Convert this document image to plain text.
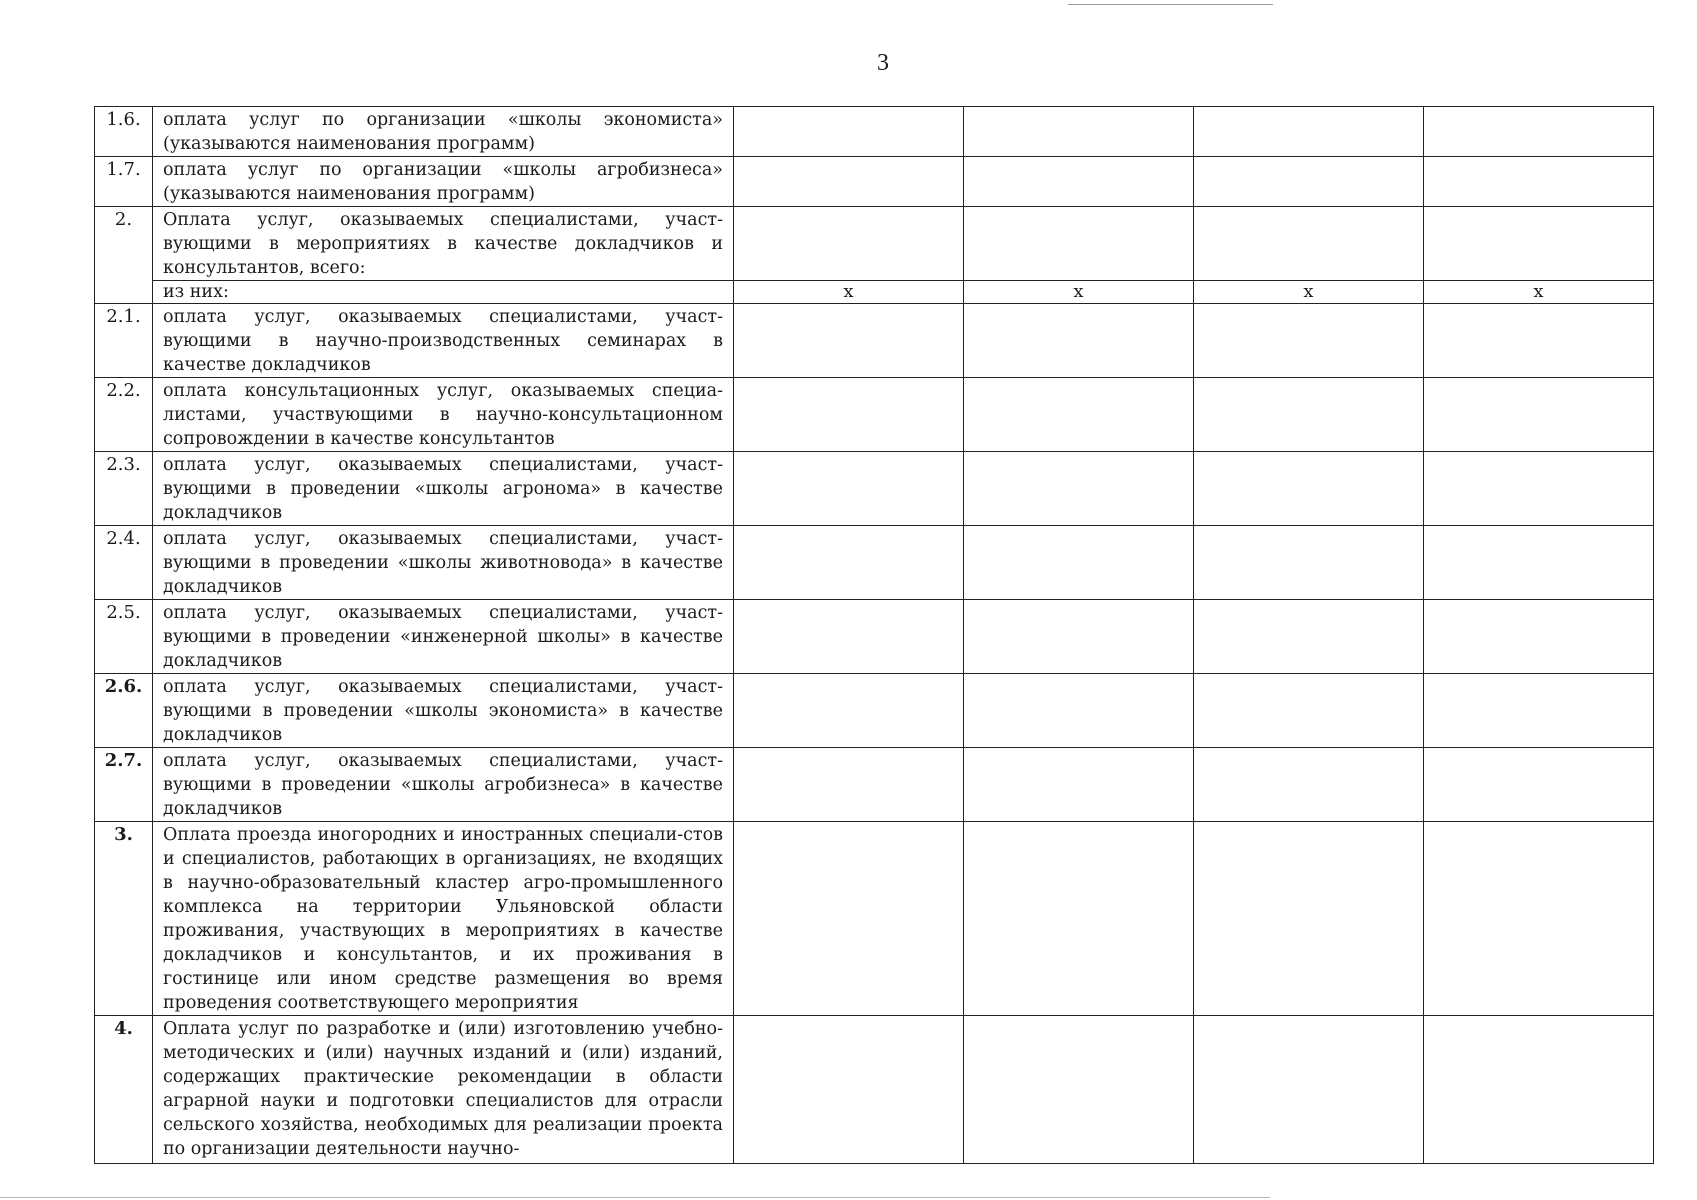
3
1.6.	оплата услуг по организации «школы экономиста» (указываются наименования программ)				
1.7.	оплата услуг по организации «школы агробизнеса» (указываются наименования программ)				
2.	Оплата услуг, оказываемых специалистами, участ-вующими в мероприятиях в качестве докладчиков и консультантов, всего:				
	из них:	х	х	х	х
2.1.	оплата услуг, оказываемых специалистами, участ-вующими в научно-производственных семинарах в качестве докладчиков				
2.2.	оплата консультационных услуг, оказываемых специа-листами, участвующими в научно-консультационном сопровождении в качестве консультантов				
2.3.	оплата услуг, оказываемых специалистами, участ-вующими в проведении «школы агронома» в качестве докладчиков				
2.4.	оплата услуг, оказываемых специалистами, участ-вующими в проведении «школы животновода» в качестве докладчиков				
2.5.	оплата услуг, оказываемых специалистами, участ-вующими в проведении «инженерной школы» в качестве докладчиков				
2.6.	оплата услуг, оказываемых специалистами, участ-вующими в проведении «школы экономиста» в качестве докладчиков				
2.7.	оплата услуг, оказываемых специалистами, участ-вующими в проведении «школы агробизнеса» в качестве докладчиков				
3.	Оплата проезда иногородних и иностранных специали-стов и специалистов, работающих в организациях, не входящих в научно-образовательный кластер агро-промышленного комплекса на территории Ульяновской области проживания, участвующих в мероприятиях в качестве докладчиков и консультантов, и их проживания в гостинице или ином средстве размещения во время проведения соответствующего мероприятия				
4.	Оплата услуг по разработке и (или) изготовлению учебно-методических и (или) научных изданий и (или) изданий, содержащих практические рекомендации в области аграрной науки и подготовки специалистов для отрасли сельского хозяйства, необходимых для реализации проекта по организации деятельности научно-				
